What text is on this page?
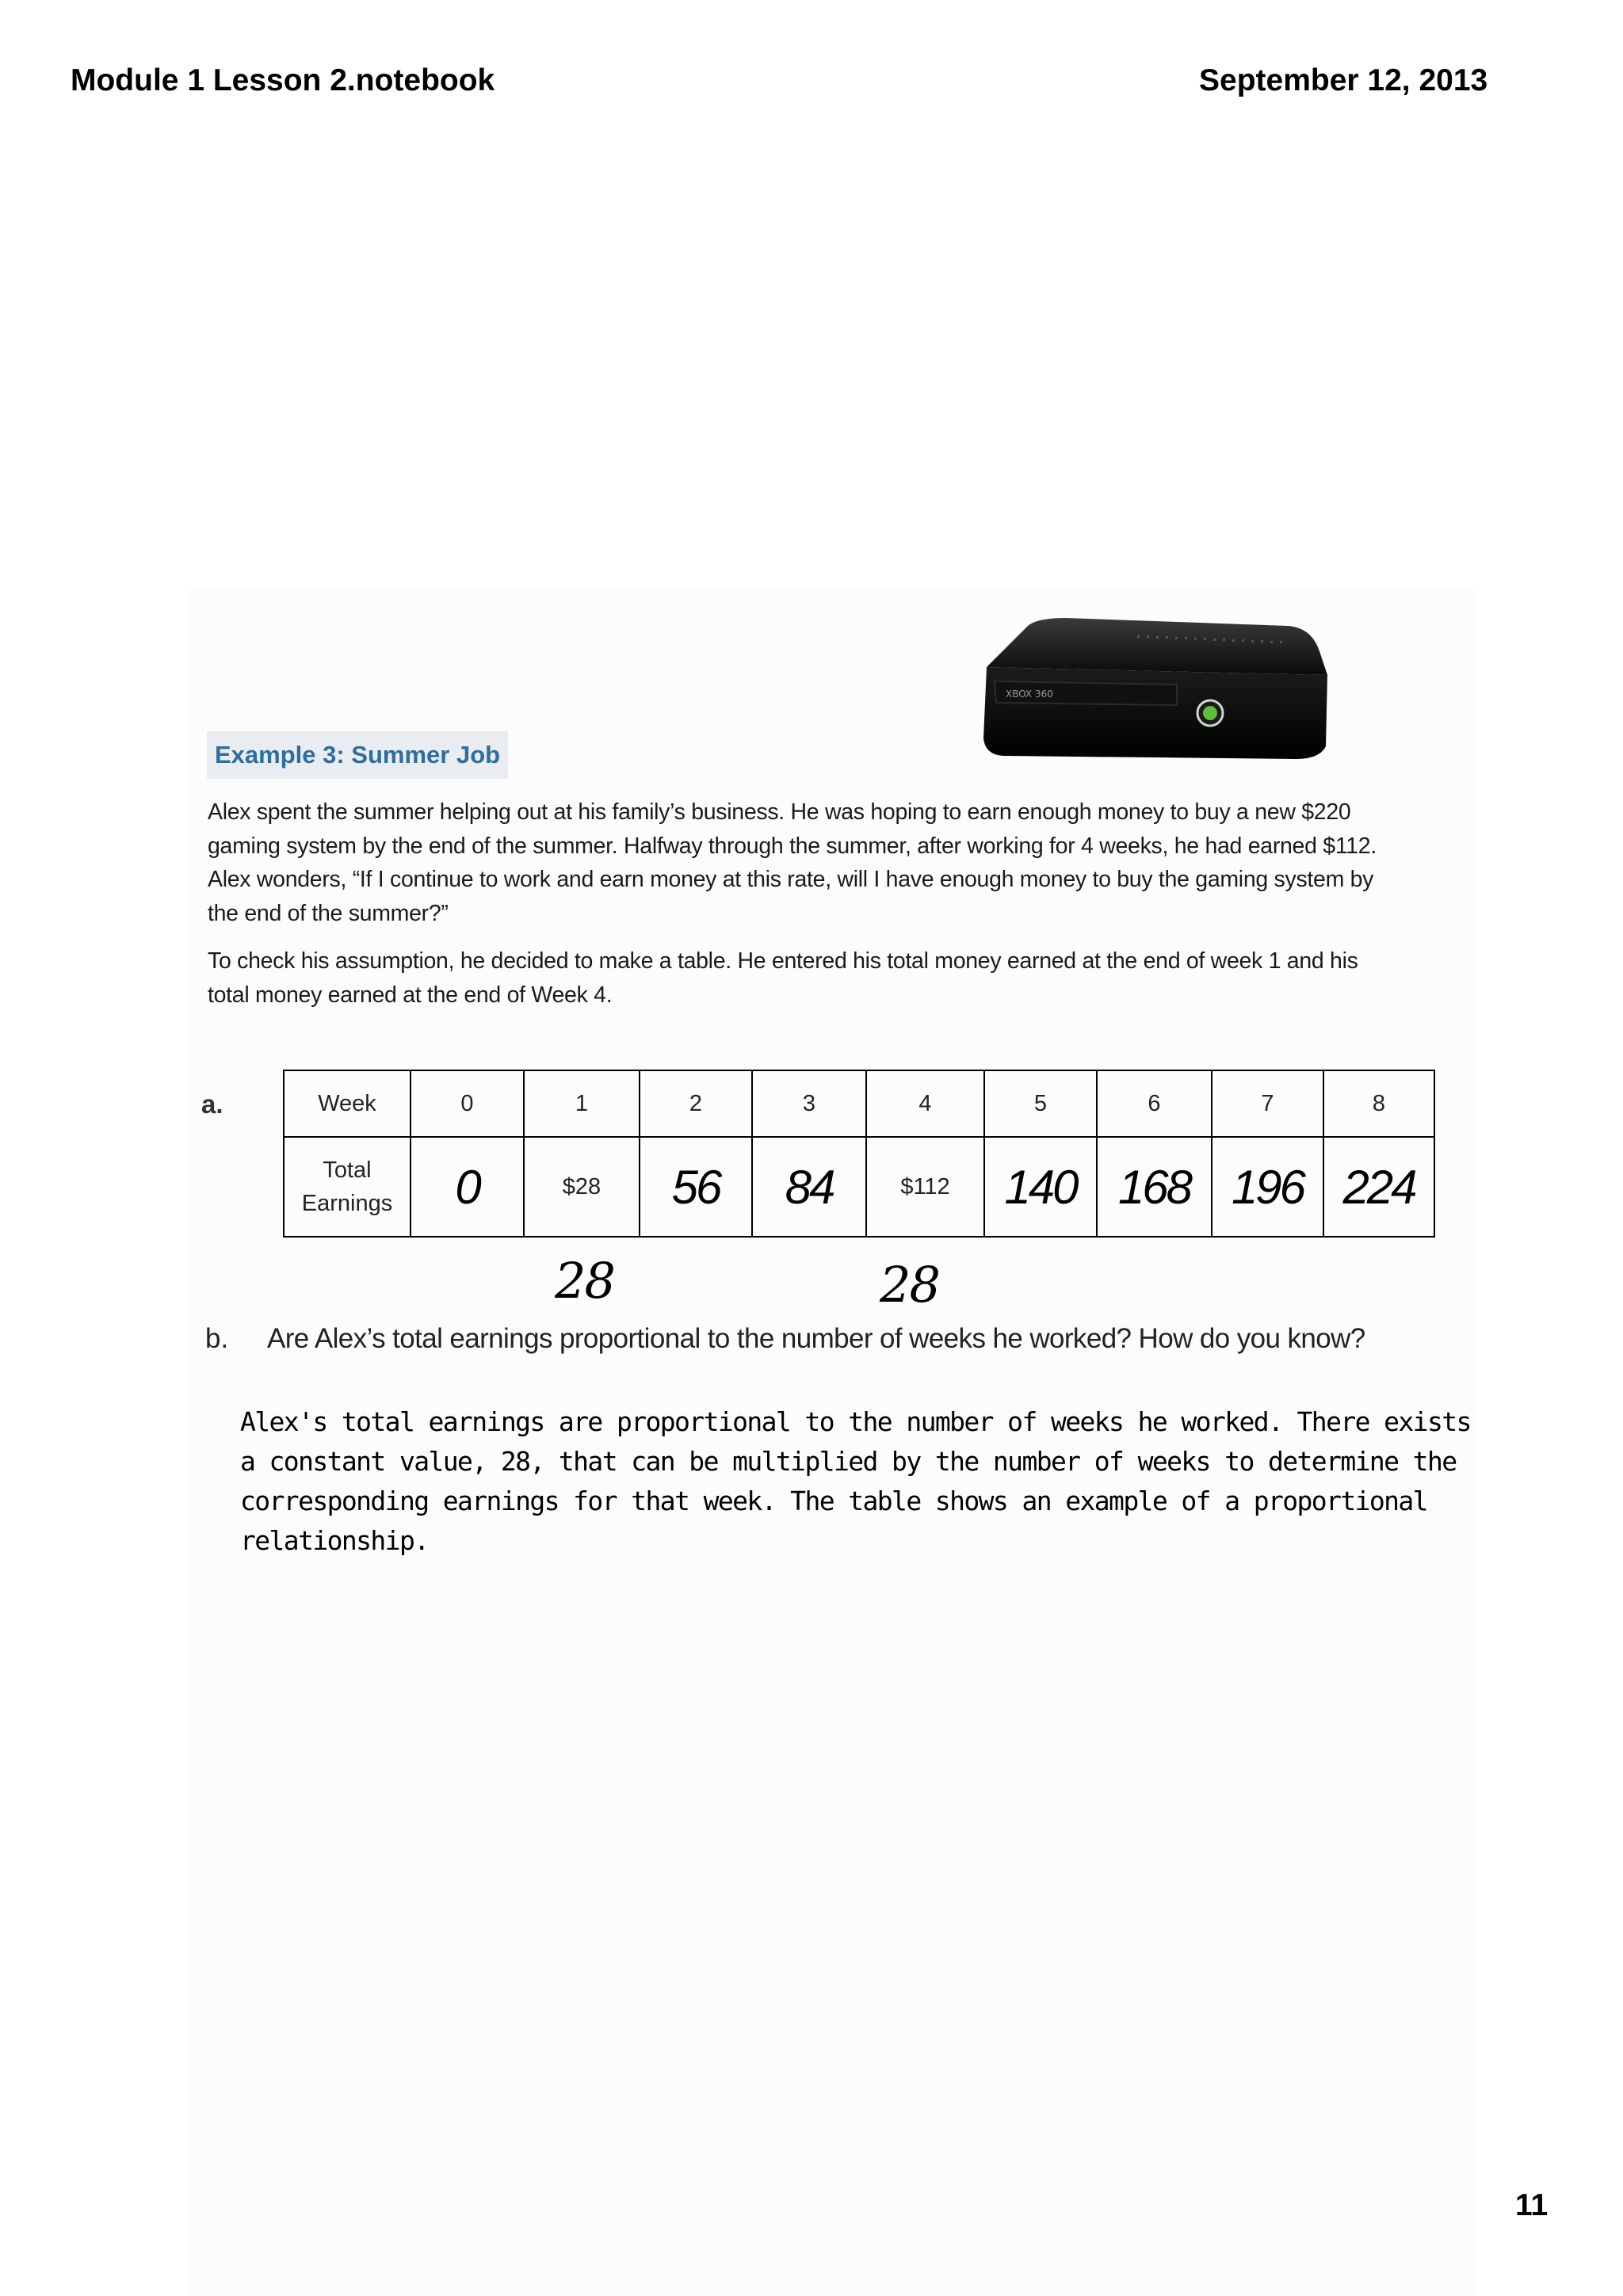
Module 1 Lesson 2.notebook	September 12, 2013
XBOX 360
Example 3: Summer Job
Alex spent the summer helping out at his family’s business. He was hoping to earn enough money to buy a new $220
gaming system by the end of the summer. Halfway through the summer, after working for 4 weeks, he had earned $112.
Alex wonders, “If I continue to work and earn money at this rate, will I have enough money to buy the gaming system by
the end of the summer?”
To check his assumption, he decided to make a table. He entered his total money earned at the end of week 1 and his
total money earned at the end of Week 4.
a.	Week	0	1	2	3	4	5	6	7	8
Total Earnings	0	$28	56	84	$112	140	168	196	224
28	28
b. Are Alex’s total earnings proportional to the number of weeks he worked? How do you know?
Alex's total earnings are proportional to the number of weeks he worked. There exists
a constant value, 28, that can be multiplied by the number of weeks to determine the
corresponding earnings for that week. The table shows an example of a proportional
relationship.
11
